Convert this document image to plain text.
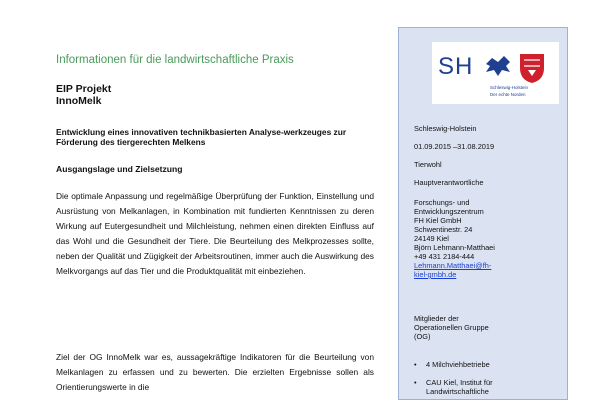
Informationen für die landwirtschaftliche Praxis
EIP Projekt
InnoMelk
Entwicklung eines innovativen technikbasierten Analyse-werkzeuges zur Förderung des tiergerechten Melkens
Ausgangslage und Zielsetzung
Die optimale Anpassung und regelmäßige Überprüfung der Funktion, Einstellung und Ausrüstung von Melkanlagen, in Kombination mit fundierten Kenntnissen zu deren Wirkung auf Eutergesundheit und Milchleistung, nehmen einen direkten Einfluss auf das Wohl und die Gesundheit der Tiere. Die Beurteilung des Melkprozesses sollte, neben der Qualität und Zügigkeit der Arbeitsroutinen, immer auch die Auswirkung des Melkvorgangs auf das Tier und die Produktqualität mit einbeziehen.
Ziel der OG InnoMelk war es, aussagekräftige Indikatoren für die Beurteilung von Melkanlagen zu erfassen und zu bewerten. Die erzielten Ergebnisse sollen als Orientierungswerte in die
SH
Schleswig-Holstein
Der echte Norden
Schleswig-Holstein
01.09.2015 –31.08.2019
Tierwohl
Hauptverantwortliche
Forschungs- und
Entwicklungszentrum
FH Kiel GmbH
Schwentinestr. 24
24149 Kiel
Björn Lehmann-Matthaei
+49 431 2184-444
Lehmann.Matthaei@fh-
kiel-gmbh.de
Mitglieder der
Operationellen Gruppe
(OG)
• 4 Milchviehbetriebe
• CAU Kiel, Institut für
Landwirtschaftliche
